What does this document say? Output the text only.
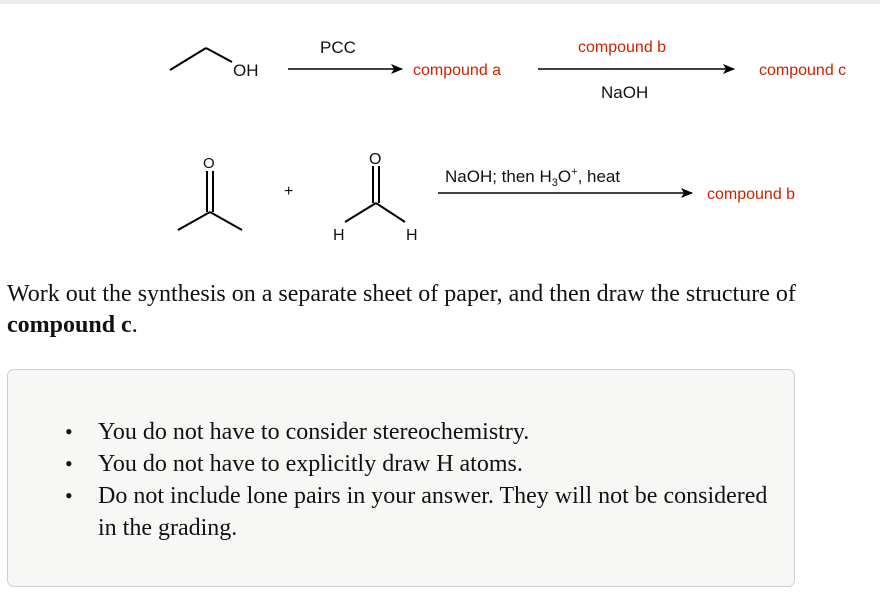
OH
PCC
compound a
compound b
NaOH
compound c
O
+
O
H	H
NaOH; then $H_3O^+$, heat
compound b
Work out the synthesis on a separate sheet of paper, and then draw the structure of compound c.
• You do not have to consider stereochemistry.
• You do not have to explicitly draw H atoms.
• Do not include lone pairs in your answer. They will not be considered in the grading.
